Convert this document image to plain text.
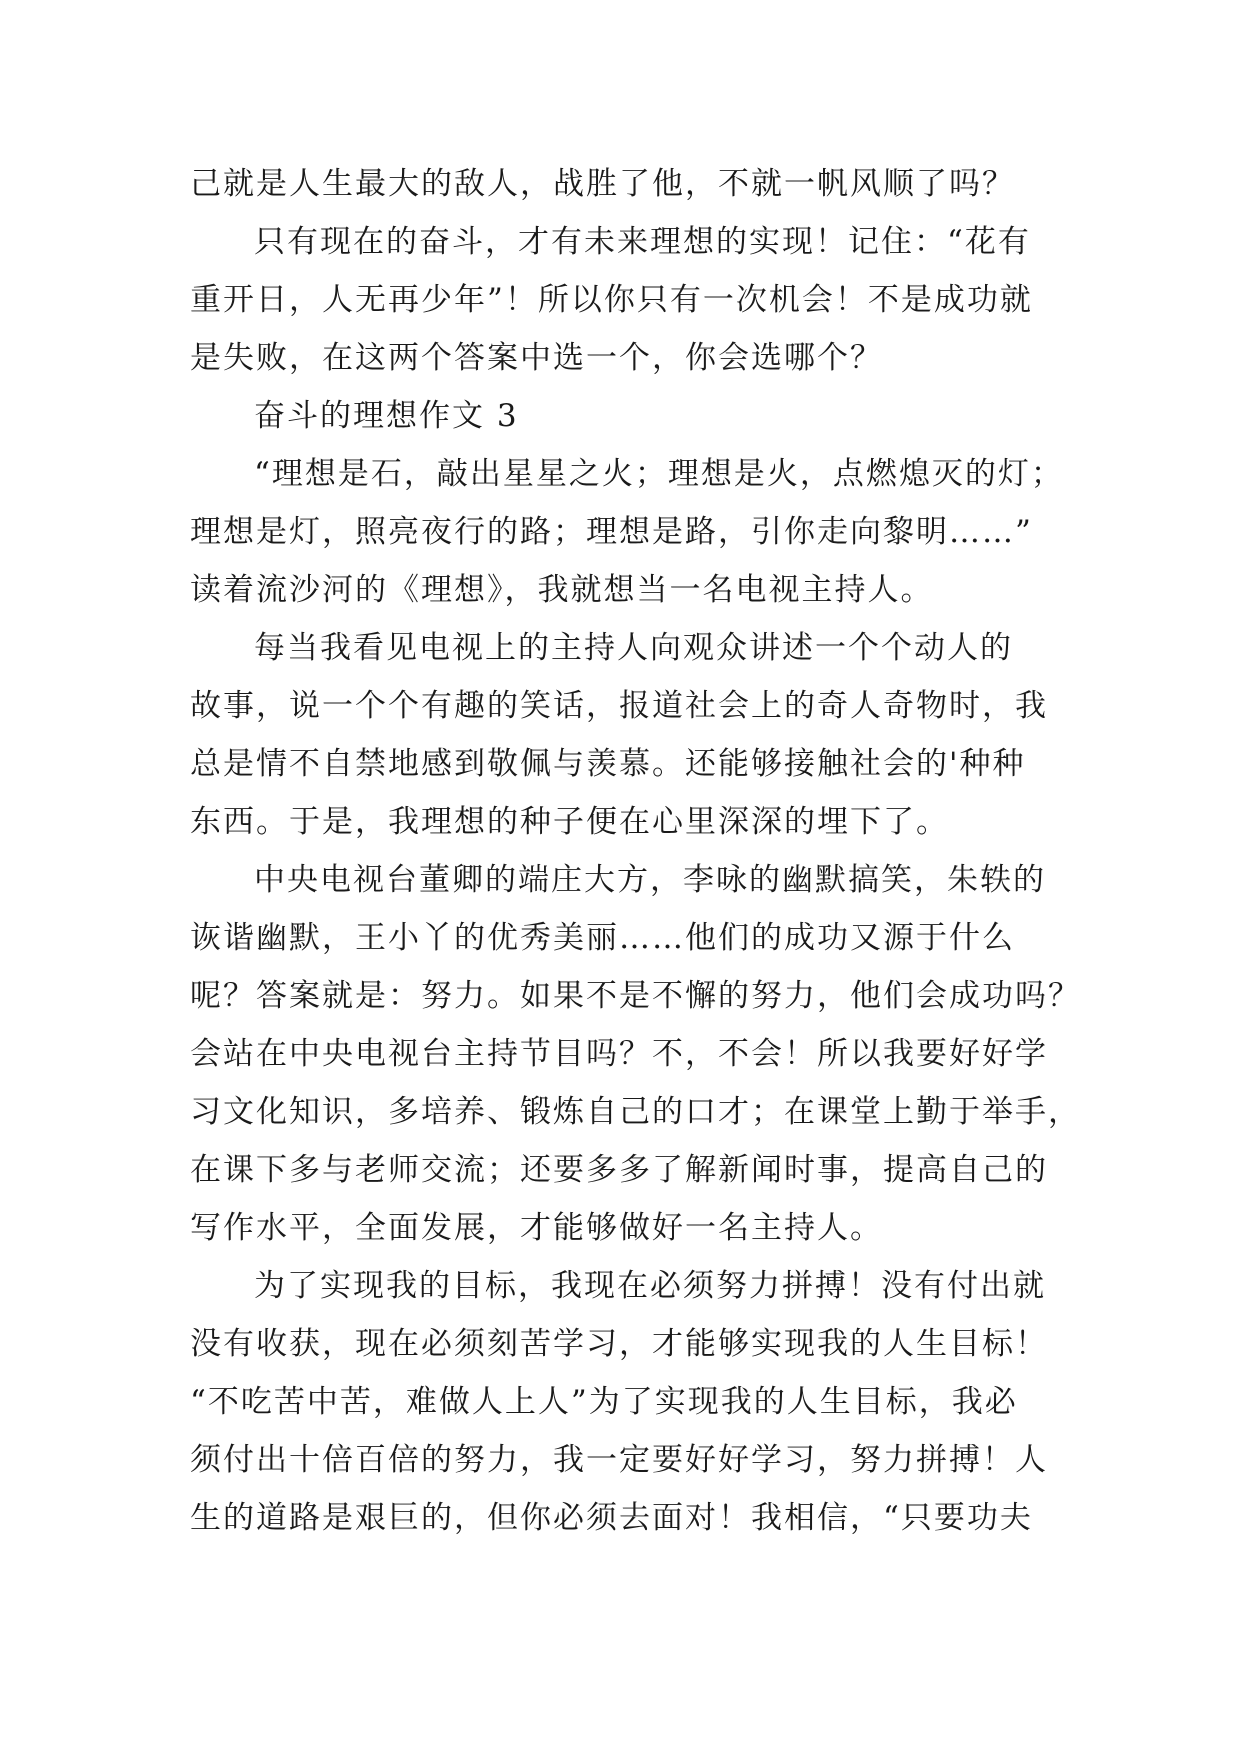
己就是人生最大的敌人，战胜了他，不就一帆风顺了吗？
只有现在的奋斗，才有未来理想的实现！记住：“花有
重开日，人无再少年”！所以你只有一次机会！不是成功就
是失败，在这两个答案中选一个，你会选哪个？
奋斗的理想作文 3
“理想是石，敲出星星之火；理想是火，点燃熄灭的灯；
理想是灯，照亮夜行的路；理想是路，引你走向黎明……”
读着流沙河的《理想》，我就想当一名电视主持人。
每当我看见电视上的主持人向观众讲述一个个动人的
故事，说一个个有趣的笑话，报道社会上的奇人奇物时，我
总是情不自禁地感到敬佩与羡慕。还能够接触社会的'种种
东西。于是，我理想的种子便在心里深深的埋下了。
中央电视台董卿的端庄大方，李咏的幽默搞笑，朱轶的
诙谐幽默，王小丫的优秀美丽……他们的成功又源于什么
呢？答案就是：努力。如果不是不懈的努力，他们会成功吗？
会站在中央电视台主持节目吗？不，不会！所以我要好好学
习文化知识，多培养、锻炼自己的口才；在课堂上勤于举手，
在课下多与老师交流；还要多多了解新闻时事，提高自己的
写作水平，全面发展，才能够做好一名主持人。
为了实现我的目标，我现在必须努力拼搏！没有付出就
没有收获，现在必须刻苦学习，才能够实现我的人生目标！
“不吃苦中苦，难做人上人”为了实现我的人生目标，我必
须付出十倍百倍的努力，我一定要好好学习，努力拼搏！人
生的道路是艰巨的，但你必须去面对！我相信，“只要功夫
